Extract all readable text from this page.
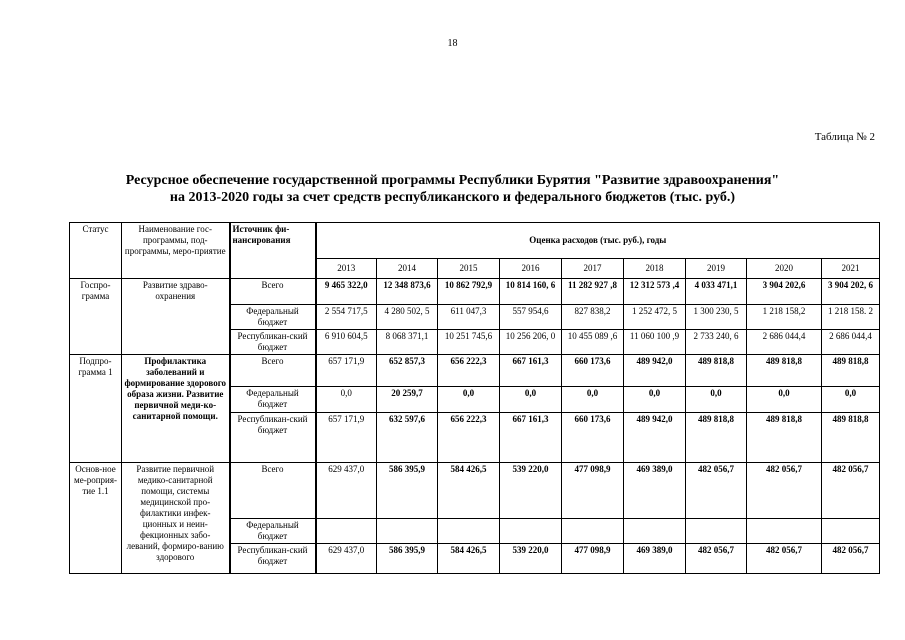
18
Таблица № 2
Ресурсное обеспечение государственной программы Республики Бурятия "Развитие здравоохранения"
на 2013-2020 годы за счет средств республиканского и федерального бюджетов (тыс. руб.)
Статус	Наименование гос-программы, под-программы, меро-приятие	Источник фи-нансирования	Оценка расходов (тыс. руб.), годы								
			2013	2014	2015	2016	2017	2018	2019	2020	2021
Госпро-грамма	Развитие здраво-охранения	Всего	9 465 322,0	12 348 873,6	10 862 792,9	10 814 160, 6	11 282 927 ,8	12 312 573 ,4	4 033 471,1	3 904 202,6	3 904 202, 6
		Федеральный бюджет	2 554 717,5	4 280 502, 5	611 047,3	557 954,6	827 838,2	1 252 472, 5	1 300 230, 5	1 218 158,2	1 218 158. 2
		Республикан-ский бюджет	6 910 604,5	8 068 371,1	10 251 745,6	10 256 206, 0	10 455 089 ,6	11 060 100 ,9	2 733 240, 6	2 686 044,4	2 686 044,4
Подпро-грамма 1	Профилактика заболеваний и формирование здорового образа жизни. Развитие первичной меди-ко-санитарной помощи.	Всего	657 171,9	652 857,3	656 222,3	667 161,3	660 173,6	489 942,0	489 818,8	489 818,8	489 818,8
		Федеральный бюджет	0,0	20 259,7	0,0	0,0	0,0	0,0	0,0	0,0	0,0
		Республикан-ский бюджет	657 171,9	632 597,6	656 222,3	667 161,3	660 173,6	489 942,0	489 818,8	489 818,8	489 818,8
Основ-ное ме-роприя-тие 1.1	Развитие первичной медико-санитарной помощи, системы медицинской про-филактики инфек-ционных и неин-фекционных забо-леваний, формиро-ванию здорового	Всего	629 437,0	586 395,9	584 426,5	539 220,0	477 098,9	469 389,0	482 056,7	482 056,7	482 056,7
		Федеральный бюджет									
		Республикан-ский бюджет	629 437,0	586 395,9	584 426,5	539 220,0	477 098,9	469 389,0	482 056,7	482 056,7	482 056,7
